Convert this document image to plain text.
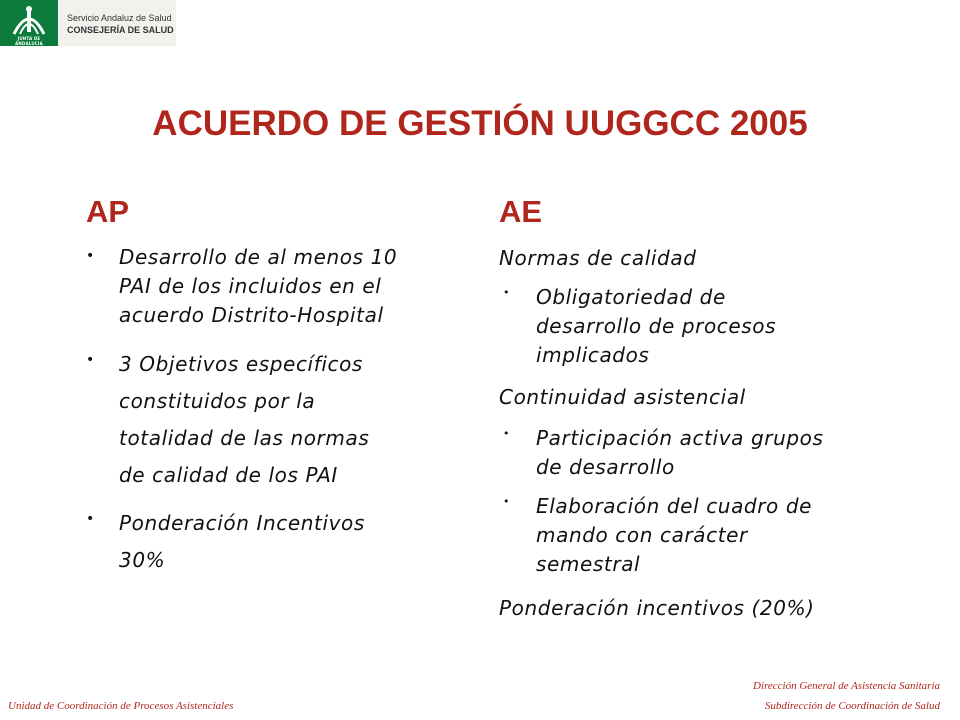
JUNTA DE ANDALUCIA
Servicio Andaluz de Salud
CONSEJERÍA DE SALUD
ACUERDO DE GESTIÓN UUGGCC 2005
AP
• Desarrollo de al menos 10
PAI de los incluidos en el
acuerdo Distrito-Hospital
• 3 Objetivos específicos
constituidos por la
totalidad de las normas
de calidad de los PAI
• Ponderación Incentivos
30%
AE
Normas de calidad
• Obligatoriedad de
desarrollo de procesos
implicados
Continuidad asistencial
• Participación activa grupos
de desarrollo
• Elaboración del cuadro de
mando con carácter
semestral
Ponderación incentivos (20%)
Unidad de Coordinación de Procesos Asistenciales
Dirección General de Asistencia Sanitaria
Subdirección de Coordinación de Salud
